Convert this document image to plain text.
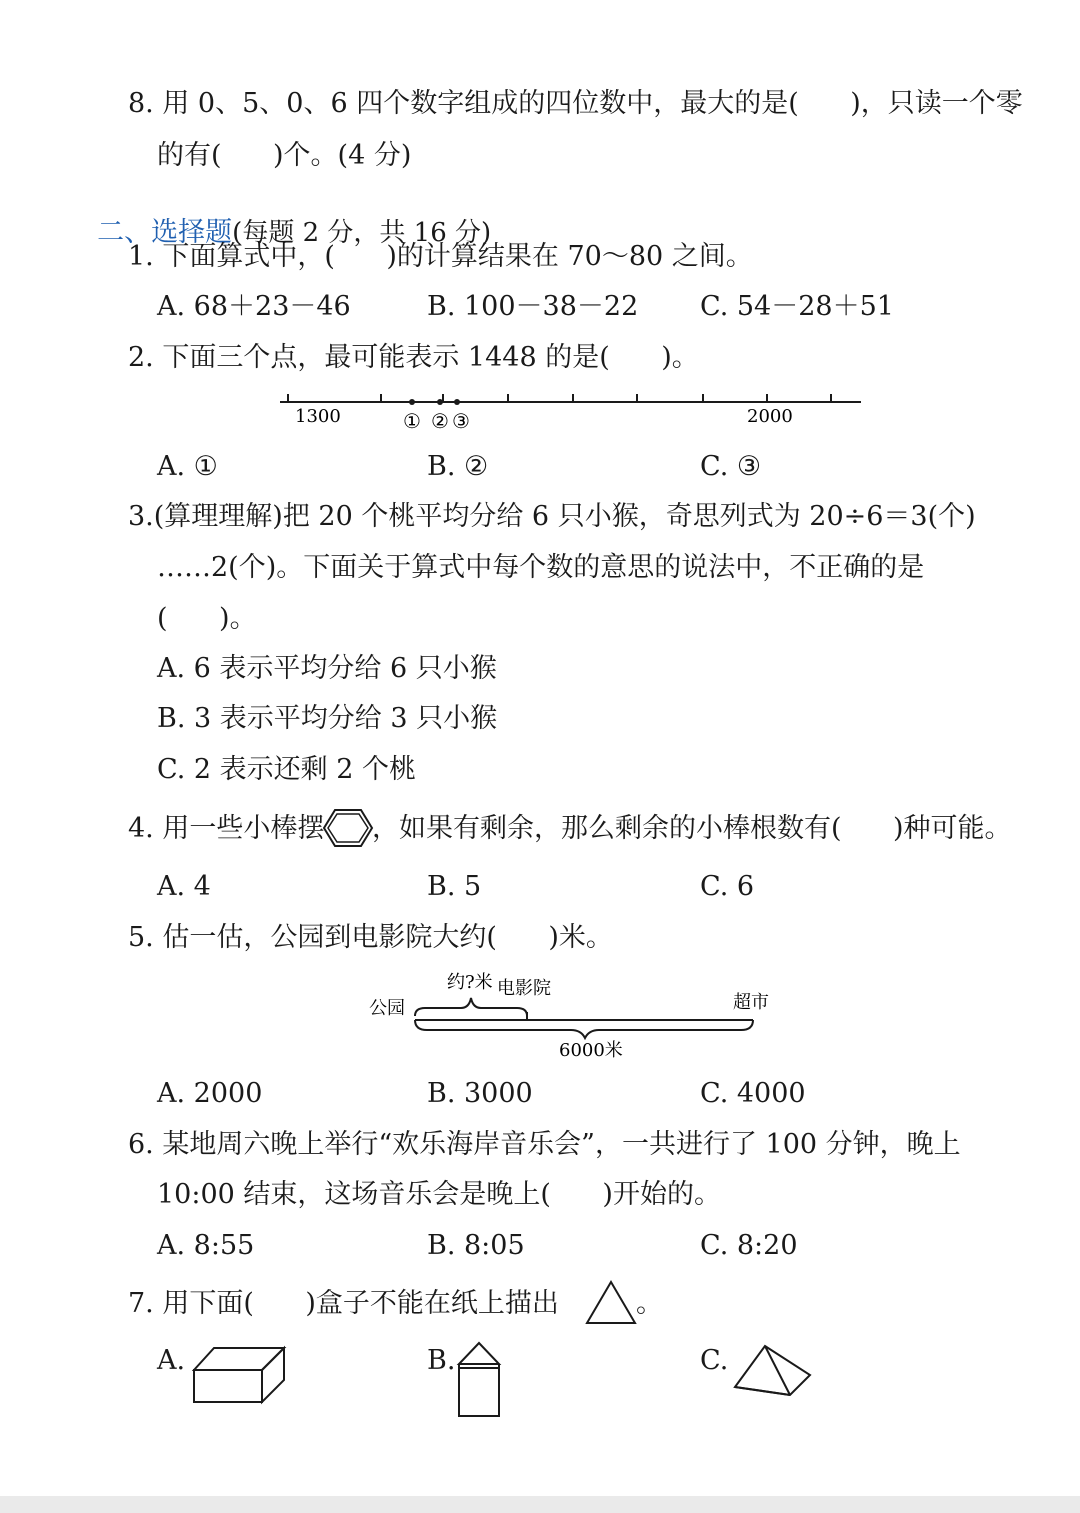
8. 用 0、5、0、6 四个数字组成的四位数中，最大的是(      )，只读一个零
的有(      )个。(4 分)

二、选择题(每题 2 分，共 16 分)

1. 下面算式中，(      )的计算结果在 70～80 之间。
A. 68＋23－46	B. 100－38－22 C. 54－28＋51
2. 下面三个点，最可能表示 1448 的是(      )。
1300	2000
① ② ③
A. ①	B. ②	C. ③
3.(算理理解)把 20 个桃平均分给 6 只小猴，奇思列式为 20÷6＝3(个)
……2(个)。下面关于算式中每个数的意思的说法中，不正确的是
(      )。
A. 6 表示平均分给 6 只小猴
B. 3 表示平均分给 3 只小猴
C. 2 表示还剩 2 个桃
4. 用一些小棒摆 ，如果有剩余，那么剩余的小棒根数有(      )种可能。
A. 4	B. 5	C. 6
5. 估一估，公园到电影院大约(      )米。
约?米 电影院
公园	超市
6000米
A. 2000	B. 3000	C. 4000
6. 某地周六晚上举行“欢乐海岸音乐会”，一共进行了 100 分钟，晚上
10:00 结束，这场音乐会是晚上(      )开始的。
A. 8:55	B. 8:05	C. 8:20
7. 用下面(      )盒子不能在纸上描出	。
A.	B.	C.
